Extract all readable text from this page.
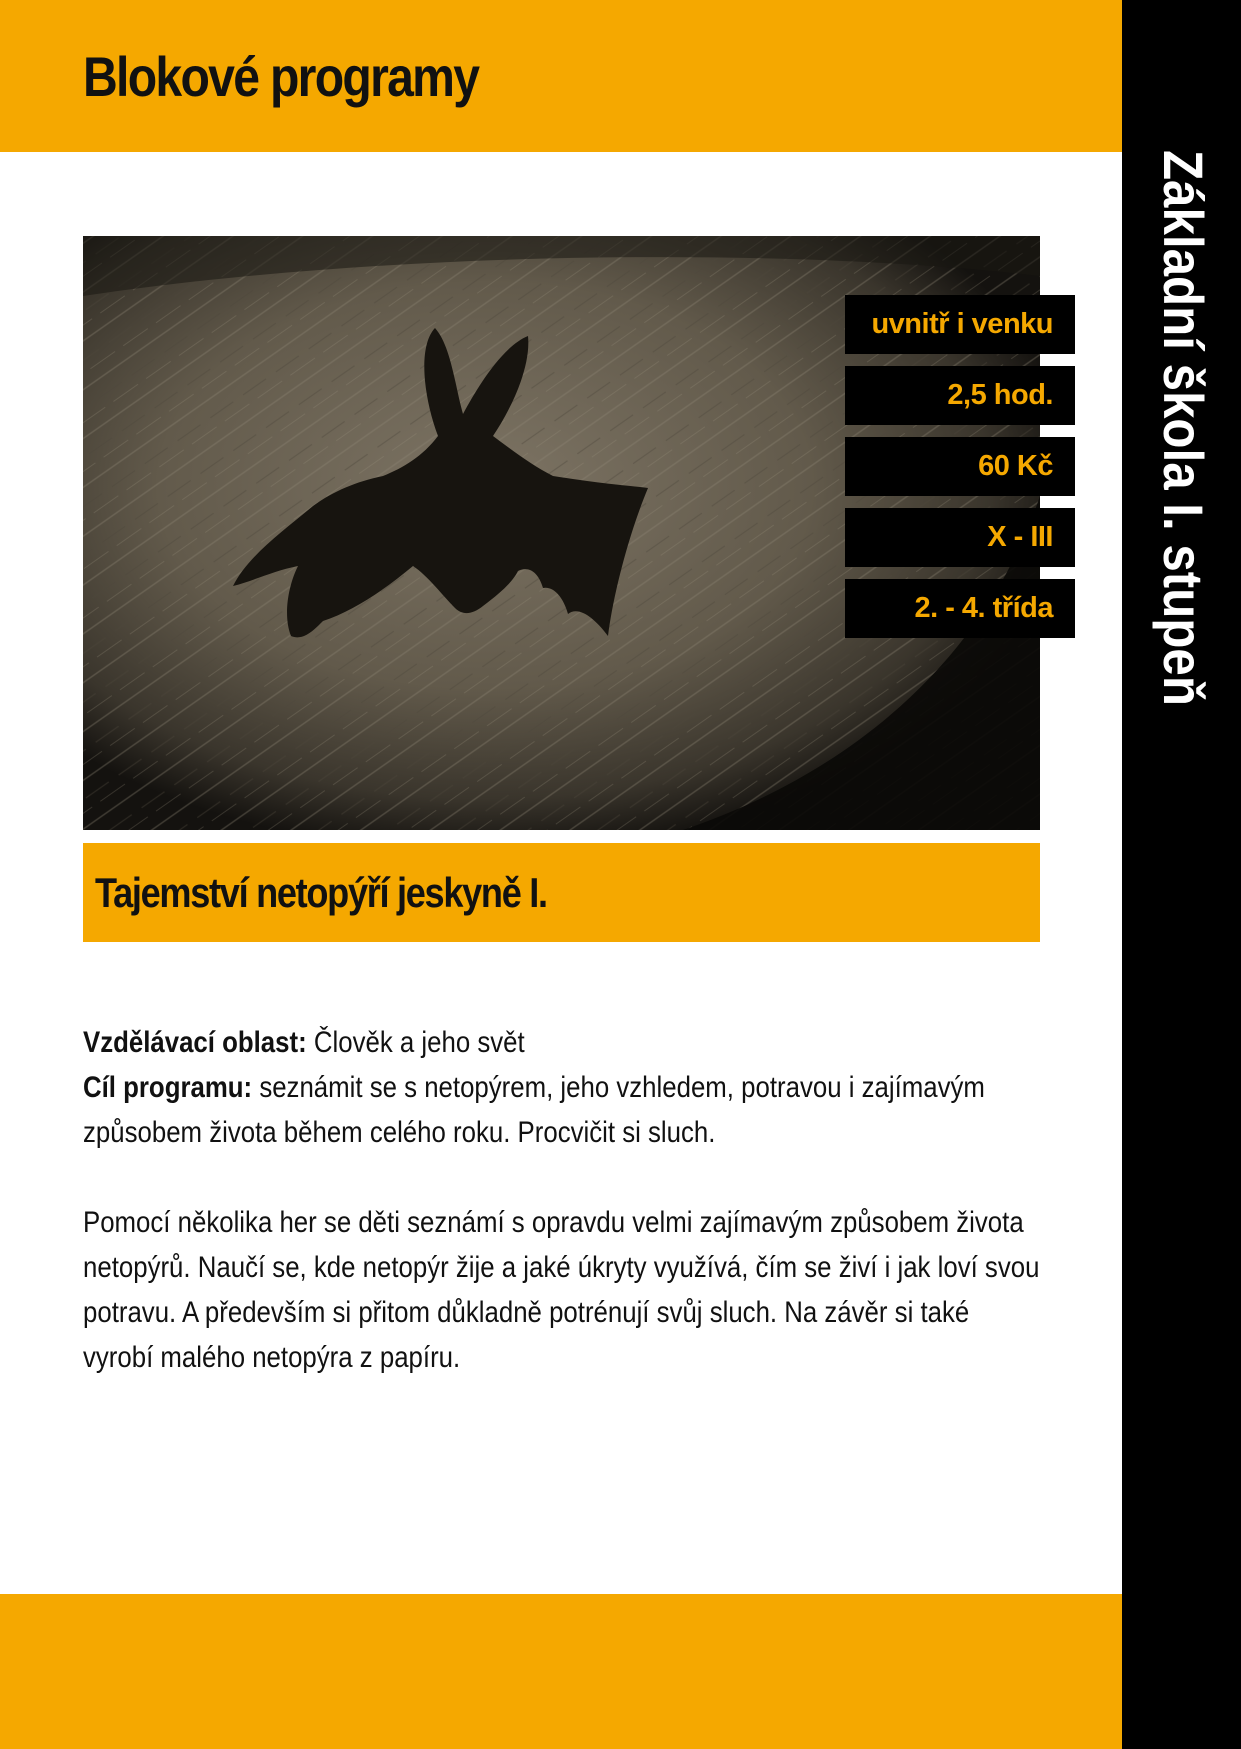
Blokové programy
Základní škola I. stupeň
uvnitř i venku
2,5 hod.
60 Kč
X - III
2. - 4. třída
Tajemství netopýří jeskyně I.

Vzdělávací oblast: Člověk a jeho svět

Cíl programu: seznámit se s netopýrem, jeho vzhledem, potravou i zajímavým způsobem života během celého roku. Procvičit si sluch.

Pomocí několika her se děti seznámí s opravdu velmi zajímavým způsobem života netopýrů. Naučí se, kde netopýr žije a jaké úkryty využívá, čím se živí i jak loví svou potravu. A především si přitom důkladně potrénují svůj sluch. Na závěr si také vyrobí malého netopýra z papíru.
